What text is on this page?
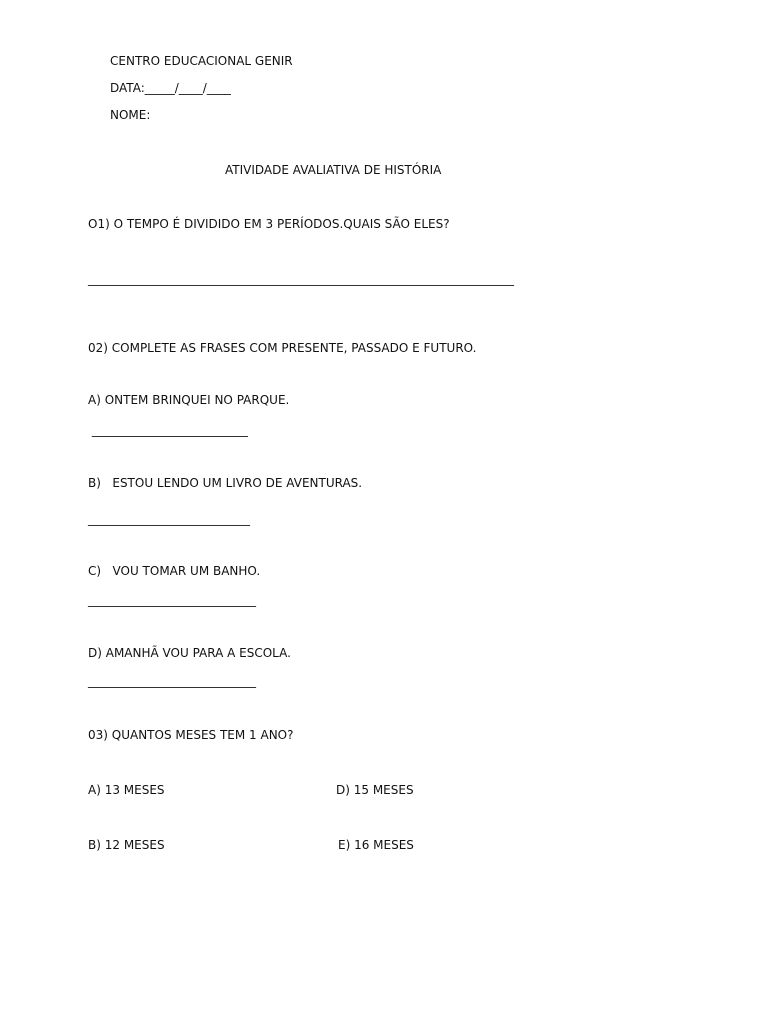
CENTRO EDUCACIONAL GENIR
DATA:_____/____/____
NOME:
ATIVIDADE AVALIATIVA DE HISTÓRIA
O1) O TEMPO É DIVIDIDO EM 3 PERÍODOS.QUAIS SÃO ELES?
_______________________________________________________________________
02) COMPLETE AS FRASES COM PRESENTE, PASSADO E FUTURO.
A) ONTEM BRINQUEI NO PARQUE.
__________________________
B)   ESTOU LENDO UM LIVRO DE AVENTURAS.
___________________________
C)   VOU TOMAR UM BANHO.
____________________________
D) AMANHÃ VOU PARA A ESCOLA.
____________________________
03) QUANTOS MESES TEM 1 ANO?
A) 13 MESES	D) 15 MESES
B) 12 MESES	E) 16 MESES
